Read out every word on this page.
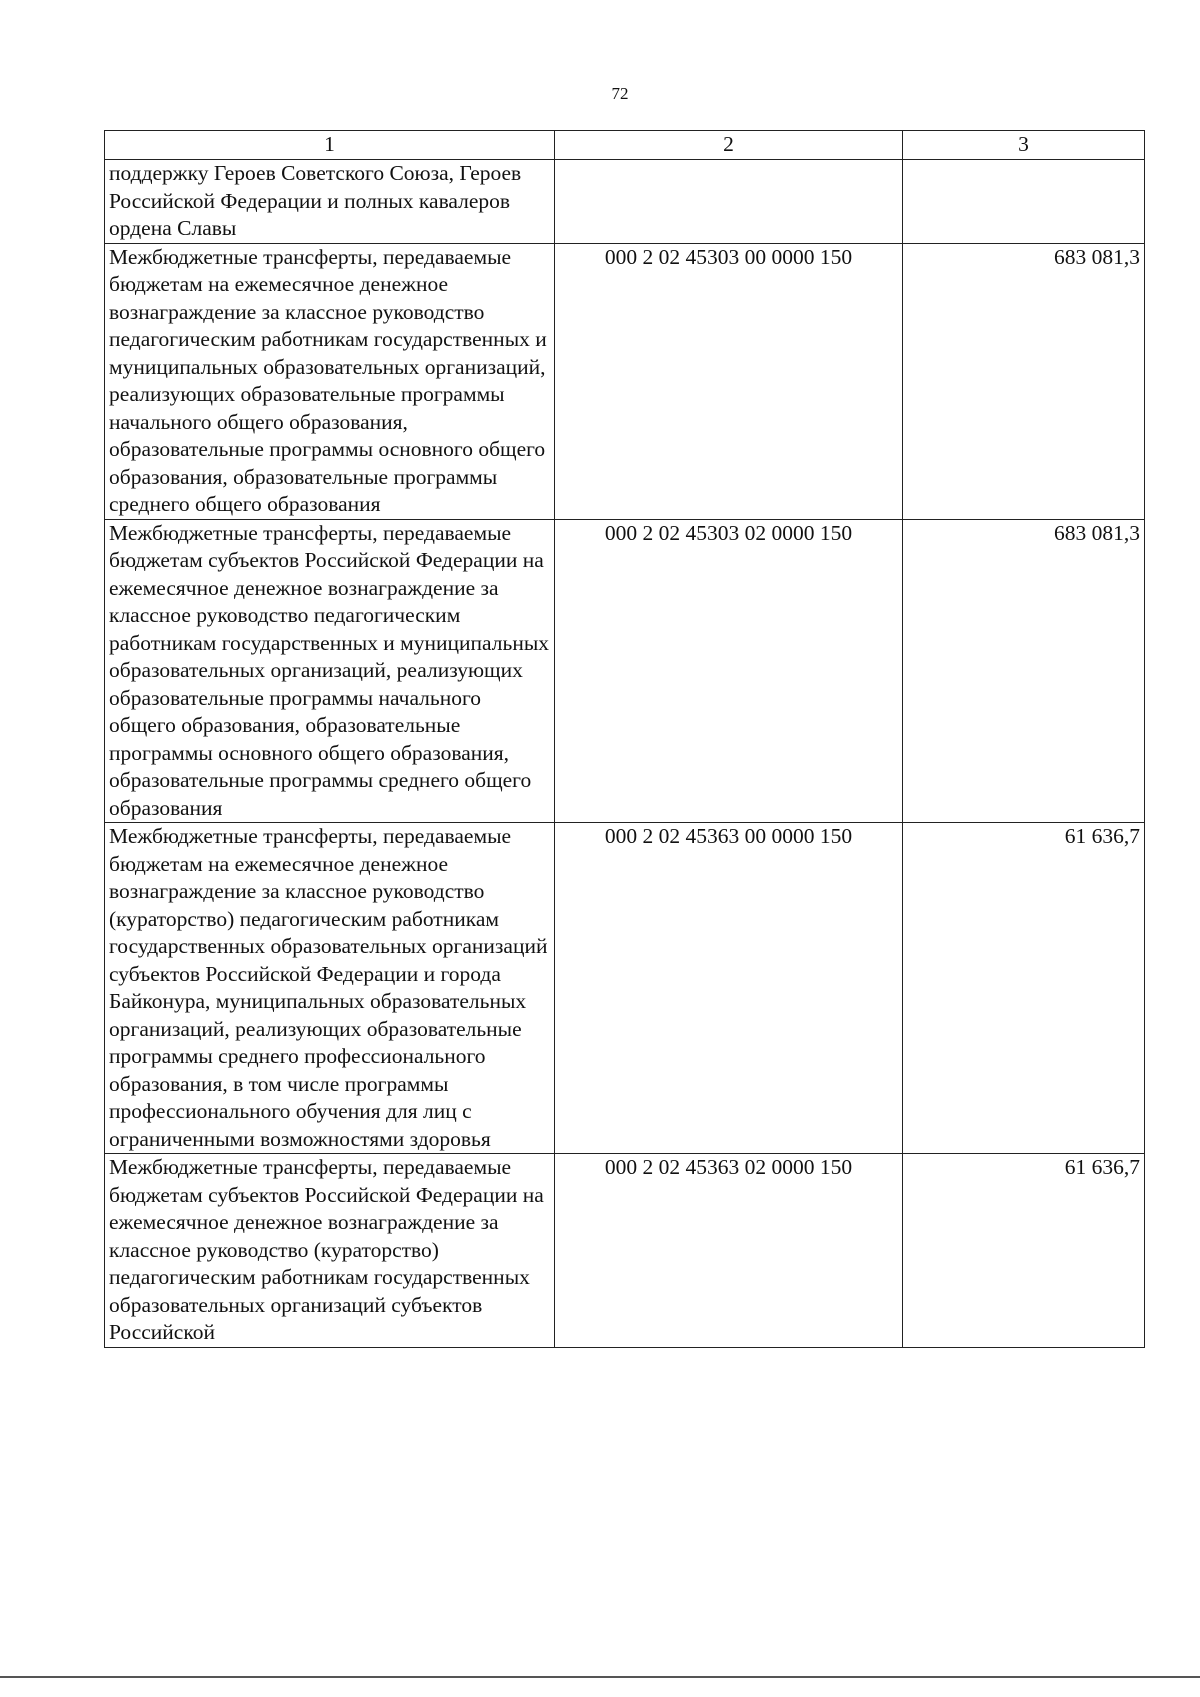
72
1	2	3
поддержку Героев Советского Союза, Героев Российской Федерации и полных кавалеров ордена Славы		
Межбюджетные трансферты, передаваемые бюджетам на ежемесячное денежное вознаграждение за классное руководство педагогическим работникам государственных и муниципальных образовательных организаций, реализующих образовательные программы начального общего образования, образовательные программы основного общего образования, образовательные программы среднего общего образования	000 2 02 45303 00 0000 150	683 081,3
Межбюджетные трансферты, передаваемые бюджетам субъектов Российской Федерации на ежемесячное денежное вознаграждение за классное руководство педагогическим работникам государственных и муниципальных образовательных организаций, реализующих образовательные программы начального общего образования, образовательные программы основного общего образования, образовательные программы среднего общего образования	000 2 02 45303 02 0000 150	683 081,3
Межбюджетные трансферты, передаваемые бюджетам на ежемесячное денежное вознаграждение за классное руководство (кураторство) педагогическим работникам государственных образовательных организаций субъектов Российской Федерации и города Байконура, муниципальных образовательных организаций, реализующих образовательные программы среднего профессионального образования, в том числе программы профессионального обучения для лиц с ограниченными возможностями здоровья	000 2 02 45363 00 0000 150	61 636,7
Межбюджетные трансферты, передаваемые бюджетам субъектов Российской Федерации на ежемесячное денежное вознаграждение за классное руководство (кураторство) педагогическим работникам государственных образовательных организаций субъектов Российской	000 2 02 45363 02 0000 150	61 636,7
